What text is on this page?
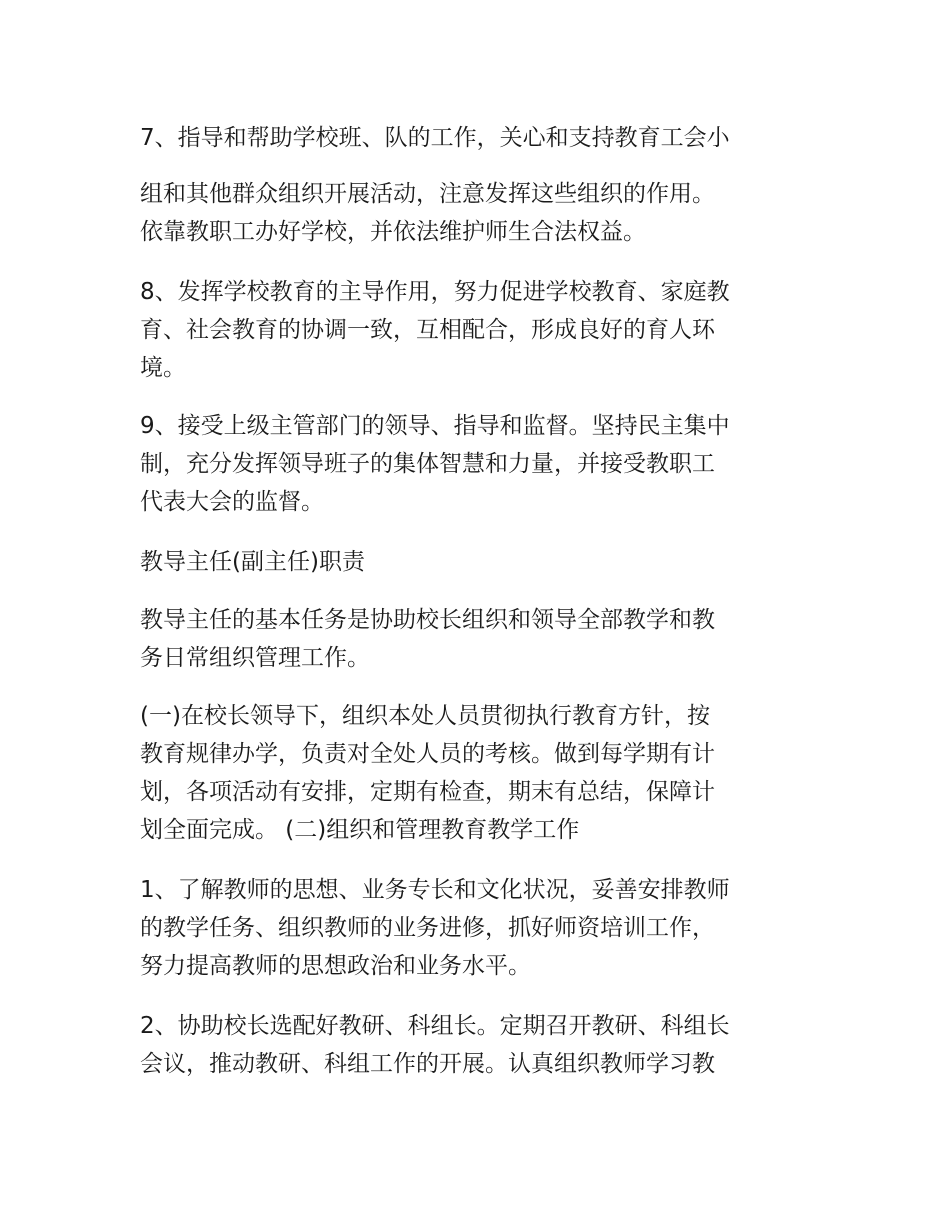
7、指导和帮助学校班、队的工作，关心和支持教育工会小
组和其他群众组织开展活动，注意发挥这些组织的作用。
依靠教职工办好学校，并依法维护师生合法权益。
8、发挥学校教育的主导作用，努力促进学校教育、家庭教
育、社会教育的协调一致，互相配合，形成良好的育人环
境。
9、接受上级主管部门的领导、指导和监督。坚持民主集中
制，充分发挥领导班子的集体智慧和力量，并接受教职工
代表大会的监督。
教导主任(副主任)职责
教导主任的基本任务是协助校长组织和领导全部教学和教
务日常组织管理工作。
(一)在校长领导下，组织本处人员贯彻执行教育方针，按
教育规律办学，负责对全处人员的考核。做到每学期有计
划，各项活动有安排，定期有检查，期末有总结，保障计
划全面完成。 (二)组织和管理教育教学工作
1、了解教师的思想、业务专长和文化状况，妥善安排教师
的教学任务、组织教师的业务进修，抓好师资培训工作，
努力提高教师的思想政治和业务水平。
2、协助校长选配好教研、科组长。定期召开教研、科组长
会议，推动教研、科组工作的开展。认真组织教师学习教
